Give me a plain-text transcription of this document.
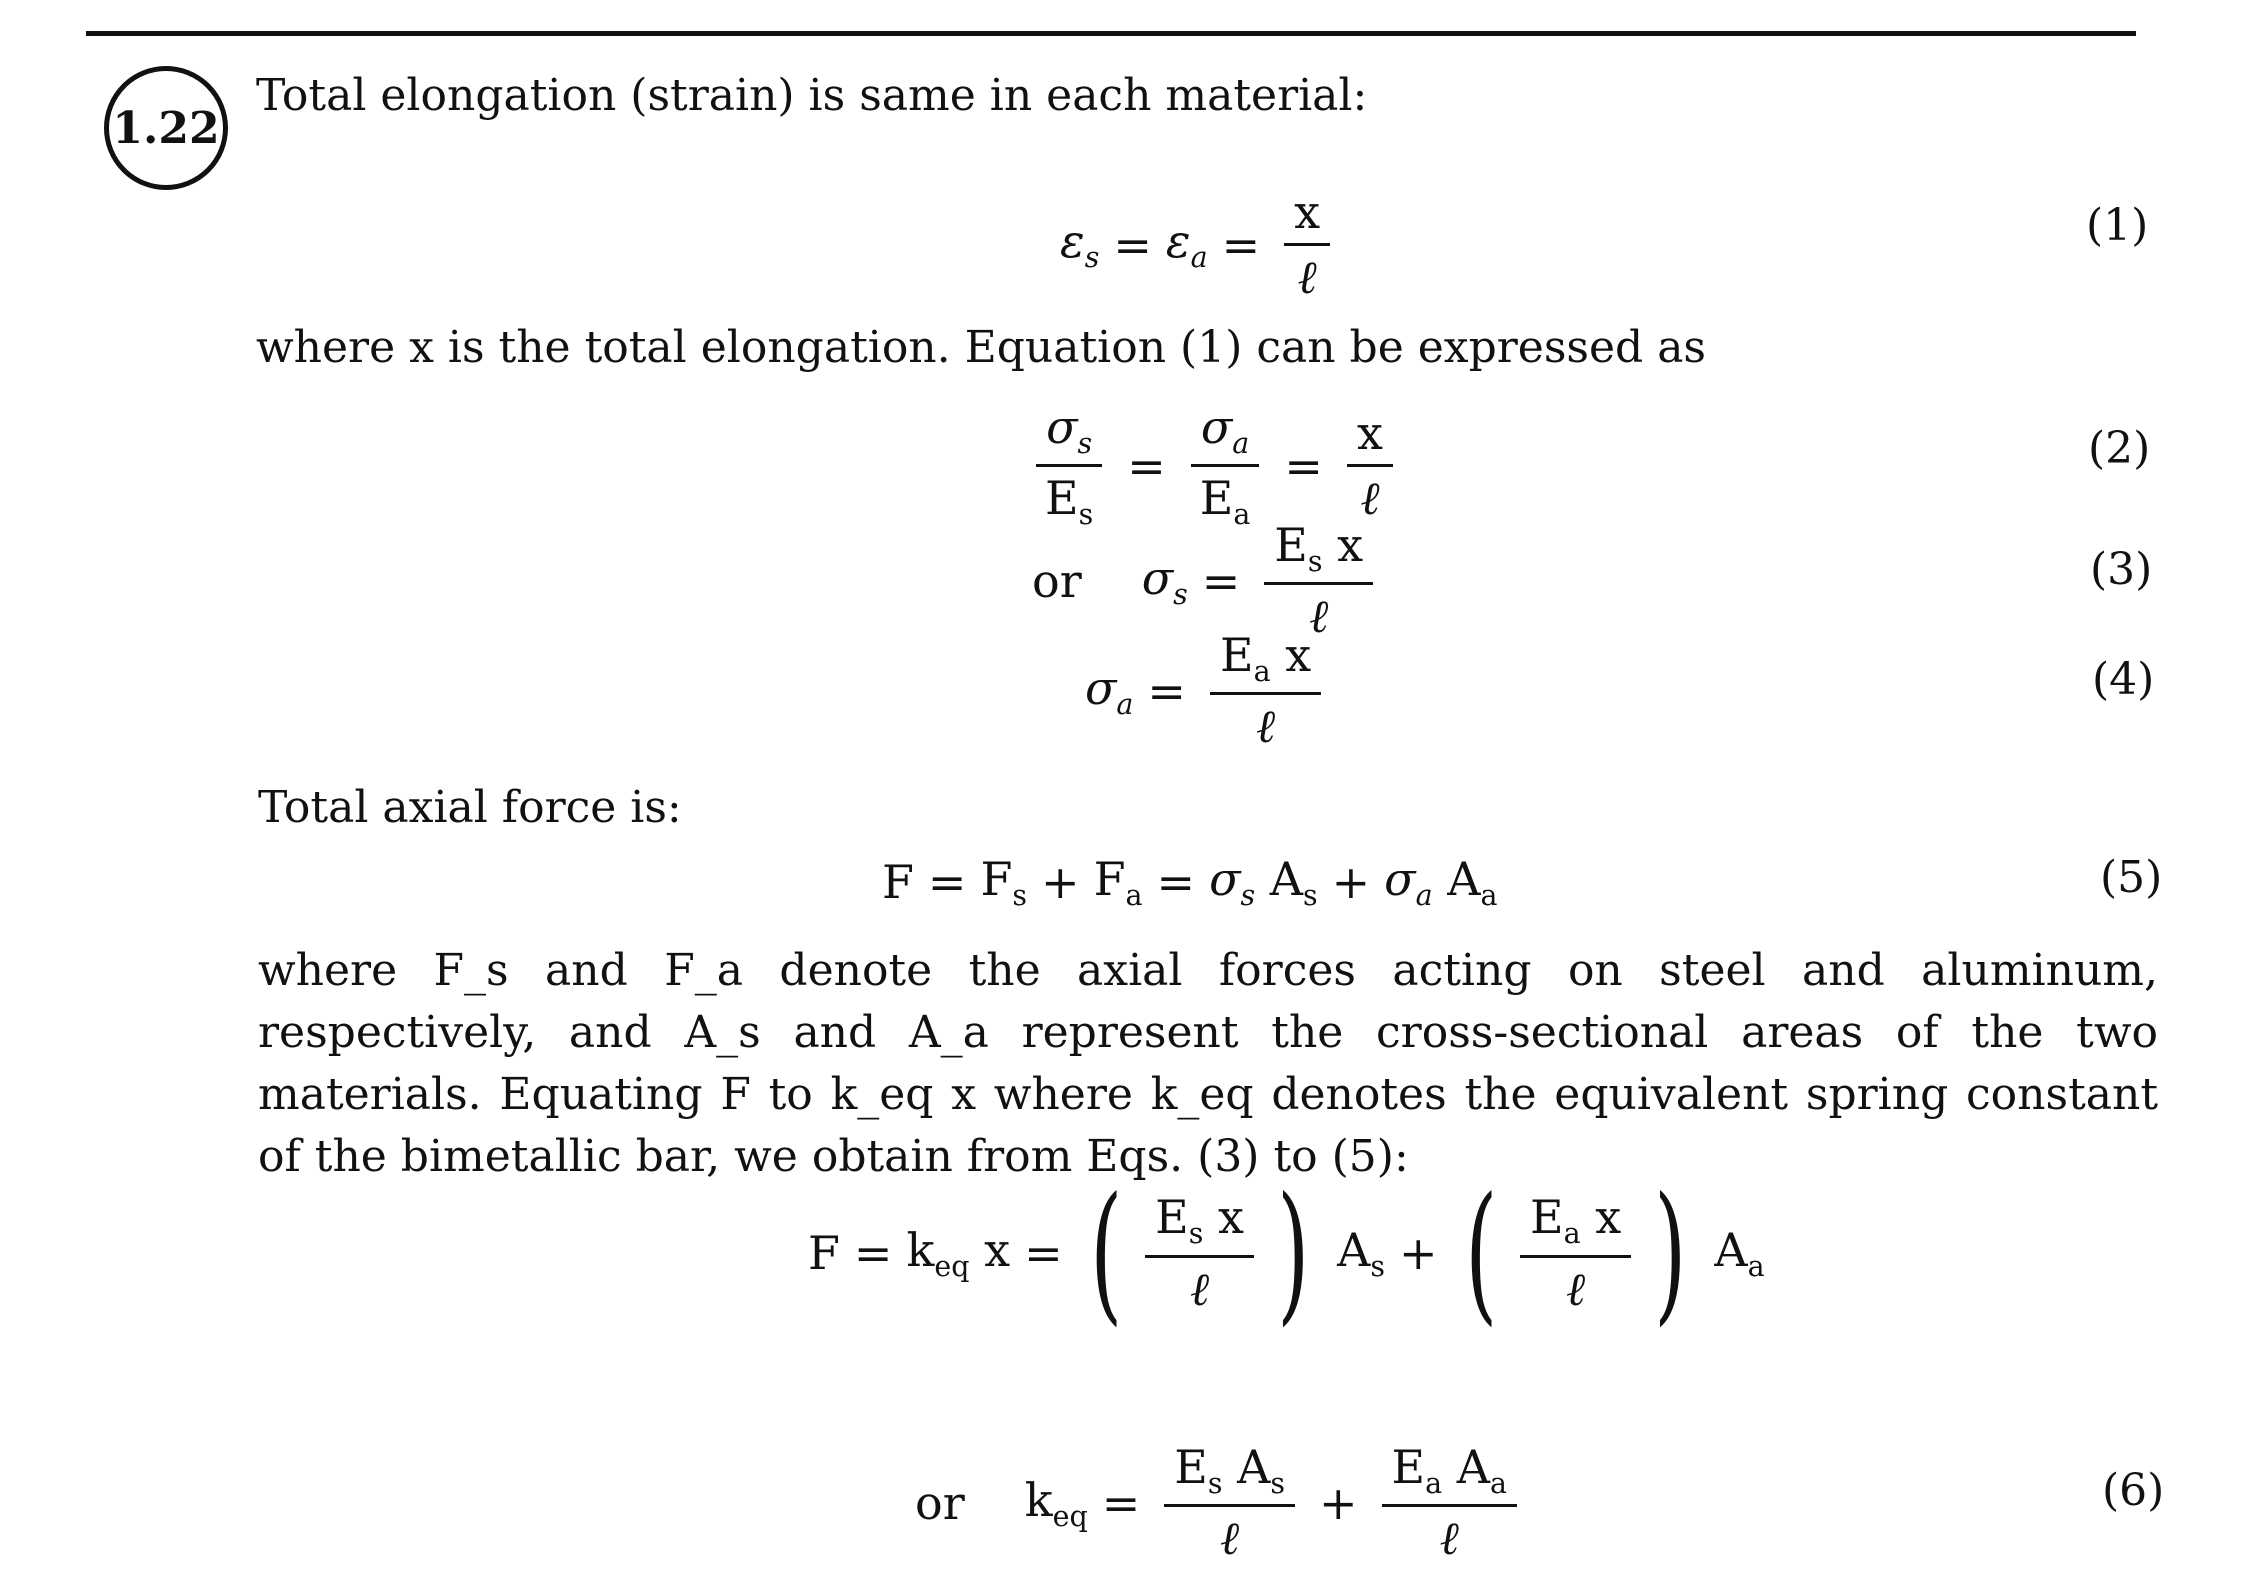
1.22
Total elongation (strain) is same in each material:
$\varepsilon_s = \varepsilon_a = \frac{x}{\text{ℓ}}$	(1)
where x is the total elongation. Equation (1) can be expressed as
$\frac{\sigma_s}{E_s} = \frac{\sigma_a}{E_a} = \frac{x}{\text{ℓ}}$	(2)
or $\sigma_s = \frac{E_s x}{\text{ℓ}}$	(3)
$\sigma_a = \frac{E_a x}{\text{ℓ}}$	(4)
Total axial force is:
$F = F_s + F_a = \sigma_s$
$A_s + \sigma_a$
$A_a$	(5)
where F_s and F_a denote the axial forces acting on steel and aluminum, respectively, and A_s and A_a represent the cross-sectional areas of the two materials. Equating F to k_eq x where k_eq denotes the equivalent spring constant of the bimetallic bar, we obtain from Eqs. (3) to (5):
$F = k_{eq}$ x = ( $\frac{E_s x}{\text{ℓ}}$ ) $A_s$ + ( $\frac{E_a x}{\text{ℓ}}$ ) $A_a$
or $k_{eq} = \frac{E_s A_s}{\text{ℓ}} + \frac{E_a A_a}{\text{ℓ}}$	(6)
